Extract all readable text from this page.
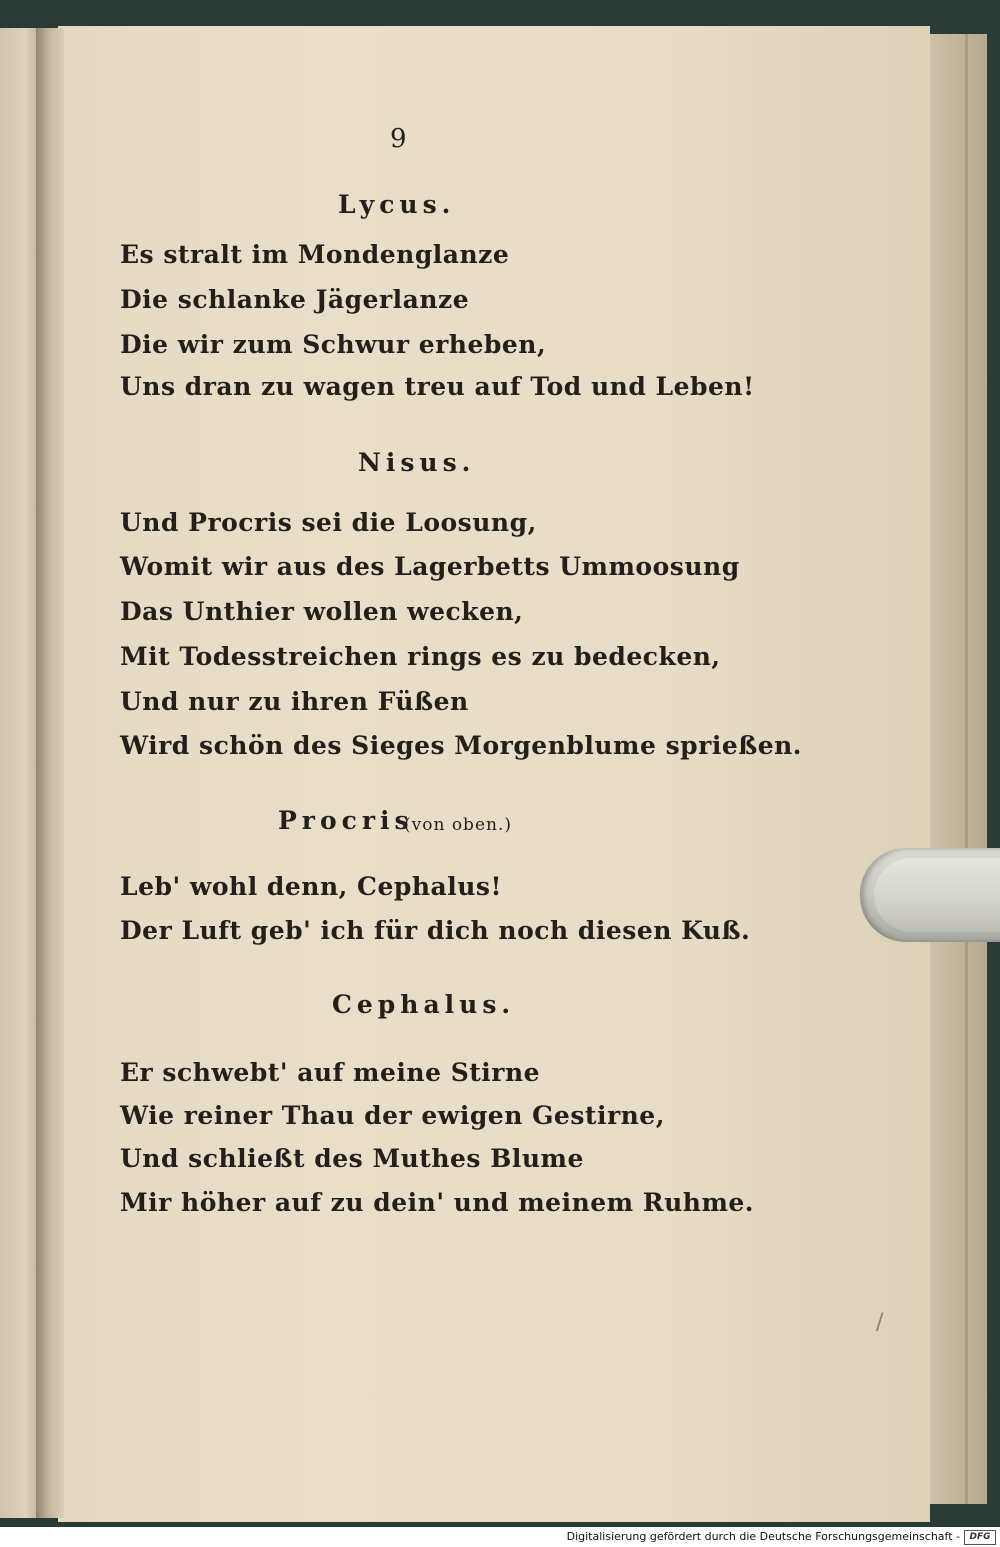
9
Lycus.
Es stralt im Mondenglanze
Die schlanke Jägerlanze
Die wir zum Schwur erheben,
Uns dran zu wagen treu auf Tod und Leben!
Nisus.
Und Procris sei die Loosung,
Womit wir aus des Lagerbetts Ummoosung
Das Unthier wollen wecken,
Mit Todesstreichen rings es zu bedecken,
Und nur zu ihren Füßen
Wird schön des Sieges Morgenblume sprießen.
Procris
(von oben.)
Leb' wohl denn, Cephalus!
Der Luft geb' ich für dich noch diesen Kuß.
Cephalus.
Er schwebt' auf meine Stirne
Wie reiner Thau der ewigen Gestirne,
Und schließt des Muthes Blume
Mir höher auf zu dein' und meinem Ruhme.
/
Digitalisierung gefördert durch die Deutsche Forschungsgemeinschaft -	DFG
